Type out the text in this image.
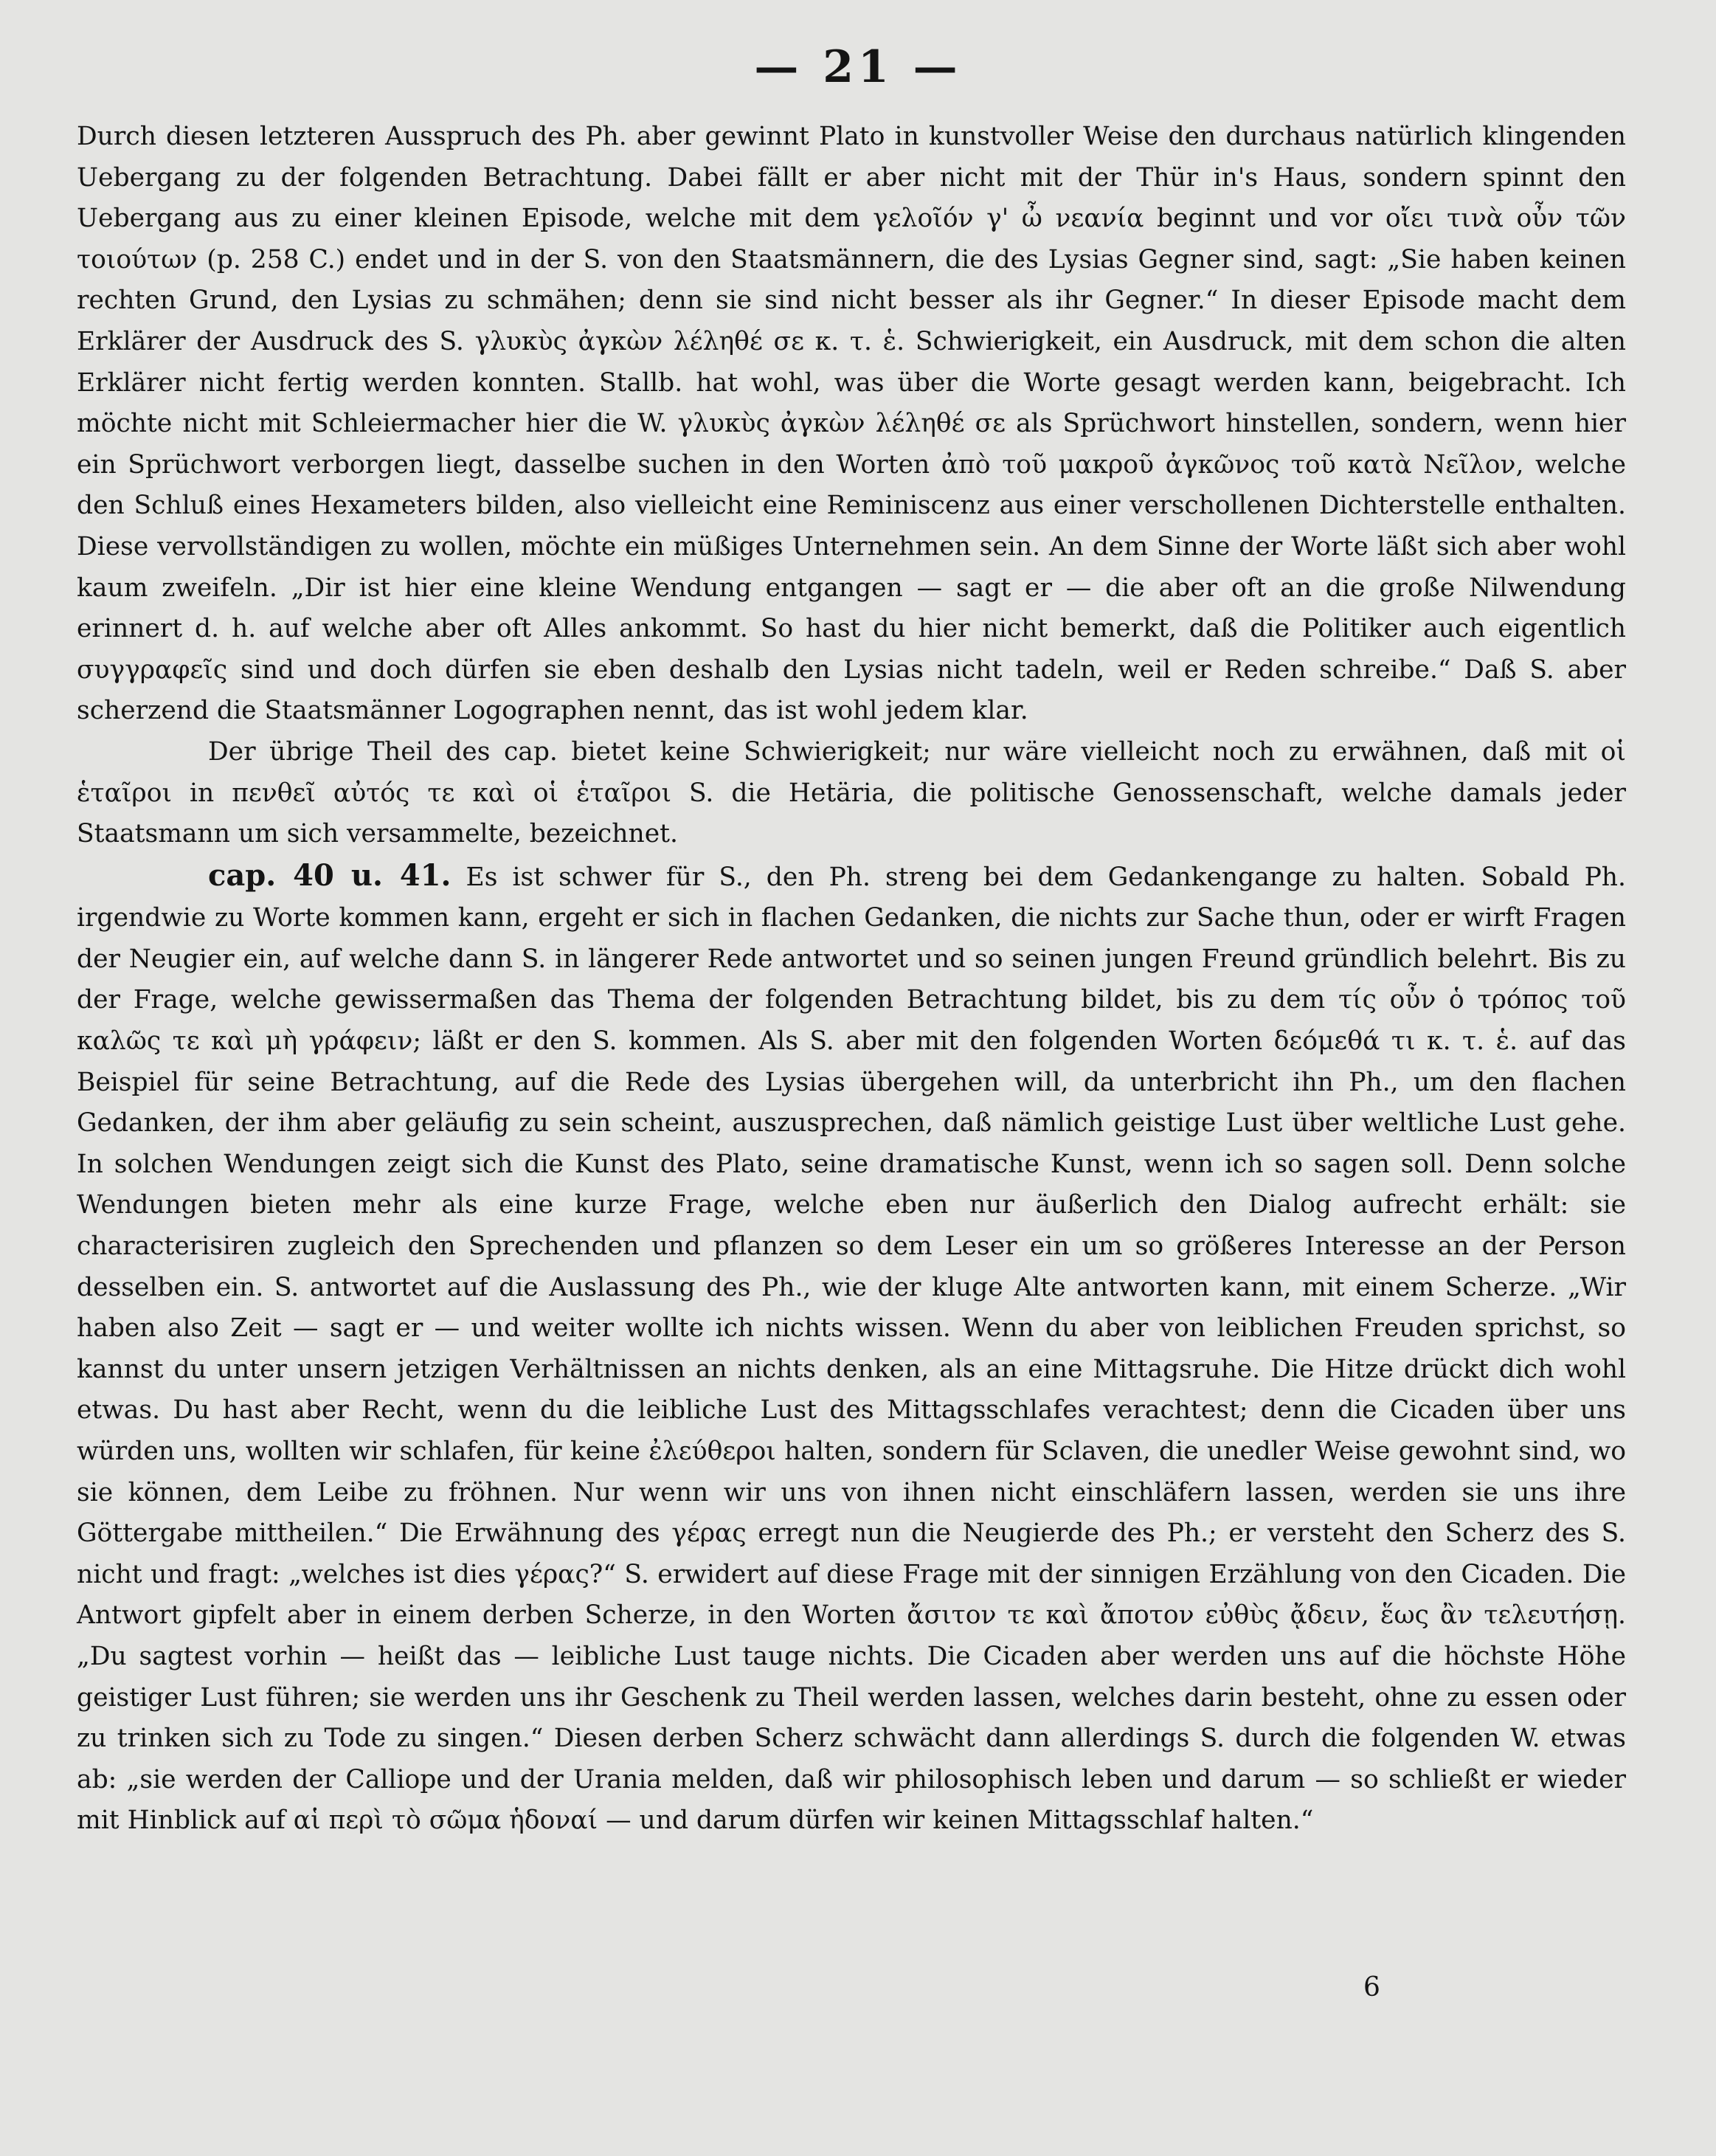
— 21 —

Durch diesen letzteren Ausspruch des Ph. aber gewinnt Plato in kunstvoller Weise den durchaus natürlich klingenden Uebergang zu der folgenden Betrachtung. Dabei fällt er aber nicht mit der Thür in's Haus, sondern spinnt den Uebergang aus zu einer kleinen Episode, welche mit dem γελοῖόν γ' ὦ νεανία beginnt und vor οἴει τινὰ οὖν τῶν τοιούτων (p. 258 C.) endet und in der S. von den Staatsmännern, die des Lysias Gegner sind, sagt: „Sie haben keinen rechten Grund, den Lysias zu schmähen; denn sie sind nicht besser als ihr Gegner.“ In dieser Episode macht dem Erklärer der Ausdruck des S. γλυκὺς ἀγκὼν λέληθέ σε κ. τ. ἑ. Schwierigkeit, ein Ausdruck, mit dem schon die alten Erklärer nicht fertig werden konnten. Stallb. hat wohl, was über die Worte gesagt werden kann, beigebracht. Ich möchte nicht mit Schleiermacher hier die W. γλυκὺς ἀγκὼν λέληθέ σε als Sprüchwort hinstellen, sondern, wenn hier ein Sprüchwort verborgen liegt, dasselbe suchen in den Worten ἀπὸ τοῦ μακροῦ ἀγκῶνος τοῦ κατὰ Νεῖλον, welche den Schluß eines Hexameters bilden, also vielleicht eine Reminiscenz aus einer verschollenen Dichterstelle enthalten. Diese vervollständigen zu wollen, möchte ein müßiges Unternehmen sein. An dem Sinne der Worte läßt sich aber wohl kaum zweifeln. „Dir ist hier eine kleine Wendung entgangen — sagt er — die aber oft an die große Nilwendung erinnert d. h. auf welche aber oft Alles ankommt. So hast du hier nicht bemerkt, daß die Politiker auch eigentlich συγγραφεῖς sind und doch dürfen sie eben deshalb den Lysias nicht tadeln, weil er Reden schreibe.“ Daß S. aber scherzend die Staatsmänner Logographen nennt, das ist wohl jedem klar.

Der übrige Theil des cap. bietet keine Schwierigkeit; nur wäre vielleicht noch zu erwähnen, daß mit οἱ ἑταῖροι in πενθεῖ αὐτός τε καὶ οἱ ἑταῖροι S. die Hetäria, die politische Genossenschaft, welche damals jeder Staatsmann um sich versammelte, bezeichnet.

cap. 40 u. 41. Es ist schwer für S., den Ph. streng bei dem Gedankengange zu halten. Sobald Ph. irgendwie zu Worte kommen kann, ergeht er sich in flachen Gedanken, die nichts zur Sache thun, oder er wirft Fragen der Neugier ein, auf welche dann S. in längerer Rede antwortet und so seinen jungen Freund gründlich belehrt. Bis zu der Frage, welche gewissermaßen das Thema der folgenden Betrachtung bildet, bis zu dem τίς οὖν ὁ τρόπος τοῦ καλῶς τε καὶ μὴ γράφειν; läßt er den S. kommen. Als S. aber mit den folgenden Worten δεόμεθά τι κ. τ. ἑ. auf das Beispiel für seine Betrachtung, auf die Rede des Lysias übergehen will, da unterbricht ihn Ph., um den flachen Gedanken, der ihm aber geläufig zu sein scheint, auszusprechen, daß nämlich geistige Lust über weltliche Lust gehe. In solchen Wendungen zeigt sich die Kunst des Plato, seine dramatische Kunst, wenn ich so sagen soll. Denn solche Wendungen bieten mehr als eine kurze Frage, welche eben nur äußerlich den Dialog aufrecht erhält: sie characterisiren zugleich den Sprechenden und pflanzen so dem Leser ein um so größeres Interesse an der Person desselben ein. S. antwortet auf die Auslassung des Ph., wie der kluge Alte antworten kann, mit einem Scherze. „Wir haben also Zeit — sagt er — und weiter wollte ich nichts wissen. Wenn du aber von leiblichen Freuden sprichst, so kannst du unter unsern jetzigen Verhältnissen an nichts denken, als an eine Mittagsruhe. Die Hitze drückt dich wohl etwas. Du hast aber Recht, wenn du die leibliche Lust des Mittagsschlafes verachtest; denn die Cicaden über uns würden uns, wollten wir schlafen, für keine ἐλεύθεροι halten, sondern für Sclaven, die unedler Weise gewohnt sind, wo sie können, dem Leibe zu fröhnen. Nur wenn wir uns von ihnen nicht einschläfern lassen, werden sie uns ihre Göttergabe mittheilen.“ Die Erwähnung des γέρας erregt nun die Neugierde des Ph.; er versteht den Scherz des S. nicht und fragt: „welches ist dies γέρας?“ S. erwidert auf diese Frage mit der sinnigen Erzählung von den Cicaden. Die Antwort gipfelt aber in einem derben Scherze, in den Worten ἄσιτον τε καὶ ἄποτον εὐθὺς ᾄδειν, ἕως ἂν τελευτήσῃ. „Du sagtest vorhin — heißt das — leibliche Lust tauge nichts. Die Cicaden aber werden uns auf die höchste Höhe geistiger Lust führen; sie werden uns ihr Geschenk zu Theil werden lassen, welches darin besteht, ohne zu essen oder zu trinken sich zu Tode zu singen.“ Diesen derben Scherz schwächt dann allerdings S. durch die folgenden W. etwas ab: „sie werden der Calliope und der Urania melden, daß wir philosophisch leben und darum — so schließt er wieder mit Hinblick auf αἱ περὶ τὸ σῶμα ἡδοναί — und darum dürfen wir keinen Mittagsschlaf halten.“

6
